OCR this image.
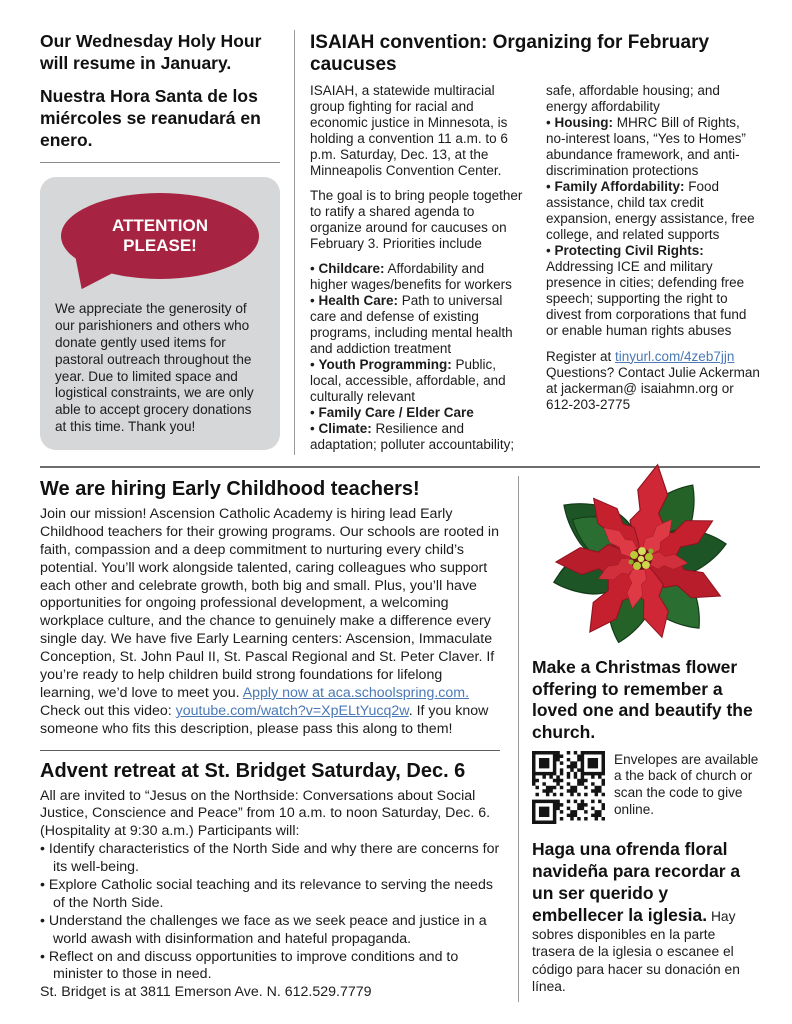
Our Wednesday Holy Hour will resume in January.
Nuestra Hora Santa de los miércoles se reanudará en enero.
ATTENTION PLEASE!
We appreciate the generosity of our parishioners and others who donate gently used items for pastoral outreach throughout the year. Due to limited space and logistical constraints, we are only able to accept grocery donations at this time. Thank you!
ISAIAH convention: Organizing for February caucuses

ISAIAH, a statewide multiracial group fighting for racial and economic justice in Minnesota, is holding a convention 11 a.m. to 6 p.m. Saturday, Dec. 13, at the Minneapolis Convention Center.

The goal is to bring people together to ratify a shared agenda to organize around for caucuses on February 3. Priorities include

• Childcare: Affordability and higher wages/benefits for workers

• Health Care: Path to universal care and defense of existing programs, including mental health and addiction treatment

• Youth Programming: Public, local, accessible, affordable, and culturally relevant

• Family Care / Elder Care

• Climate: Resilience and adaptation; polluter accountability; safe, affordable housing; and energy affordability

• Housing: MHRC Bill of Rights, no-interest loans, “Yes to Homes” abundance framework, and anti-discrimination protections

• Family Affordability: Food assistance, child tax credit expansion, energy assistance, free college, and related supports

• Protecting Civil Rights: Addressing ICE and military presence in cities; defending free speech; supporting the right to divest from corporations that fund or enable human rights abuses

Register at tinyurl.com/4zeb7jjn Questions? Contact Julie Ackerman at jackerman@ isaiahmn.org or 612-203-2775

We are hiring Early Childhood teachers!

Join our mission! Ascension Catholic Academy is hiring lead Early Childhood teachers for their growing programs. Our schools are rooted in faith, compassion and a deep commitment to nurturing every child’s potential. You’ll work alongside talented, caring colleagues who support each other and celebrate growth, both big and small. Plus, you’ll have opportunities for ongoing professional development, a welcoming workplace culture, and the chance to genuinely make a difference every single day. We have five Early Learning centers: Ascension, Immaculate Conception, St. John Paul II, St. Pascal Regional and St. Peter Claver. If you’re ready to help children build strong foundations for lifelong learning, we’d love to meet you. Apply now at aca.schoolspring.com. Check out this video: youtube.com/watch?v=XpELtYucq2w. If you know someone who fits this description, please pass this along to them!

Advent retreat at St. Bridget Saturday, Dec. 6

All are invited to “Jesus on the Northside: Conversations about Social Justice, Conscience and Peace” from 10 a.m. to noon Saturday, Dec. 6. (Hospitality at 9:30 a.m.) Participants will:

• Identify characteristics of the North Side and why there are concerns for its well-being.

• Explore Catholic social teaching and its relevance to serving the needs of the North Side.

• Understand the challenges we face as we seek peace and justice in a world awash with disinformation and hateful propaganda.

• Reflect on and discuss opportunities to improve conditions and to minister to those in need.

St. Bridget is at 3811 Emerson Ave. N. 612.529.7779

Make a Christmas flower offering to remember a loved one and beautify the church.
Envelopes are available a the back of church or scan the code to give online.

Haga una ofrenda floral navideña para recordar a un ser querido y embellecer la iglesia. Hay sobres disponibles en la parte trasera de la iglesia o escanee el código para hacer su donación en línea.
